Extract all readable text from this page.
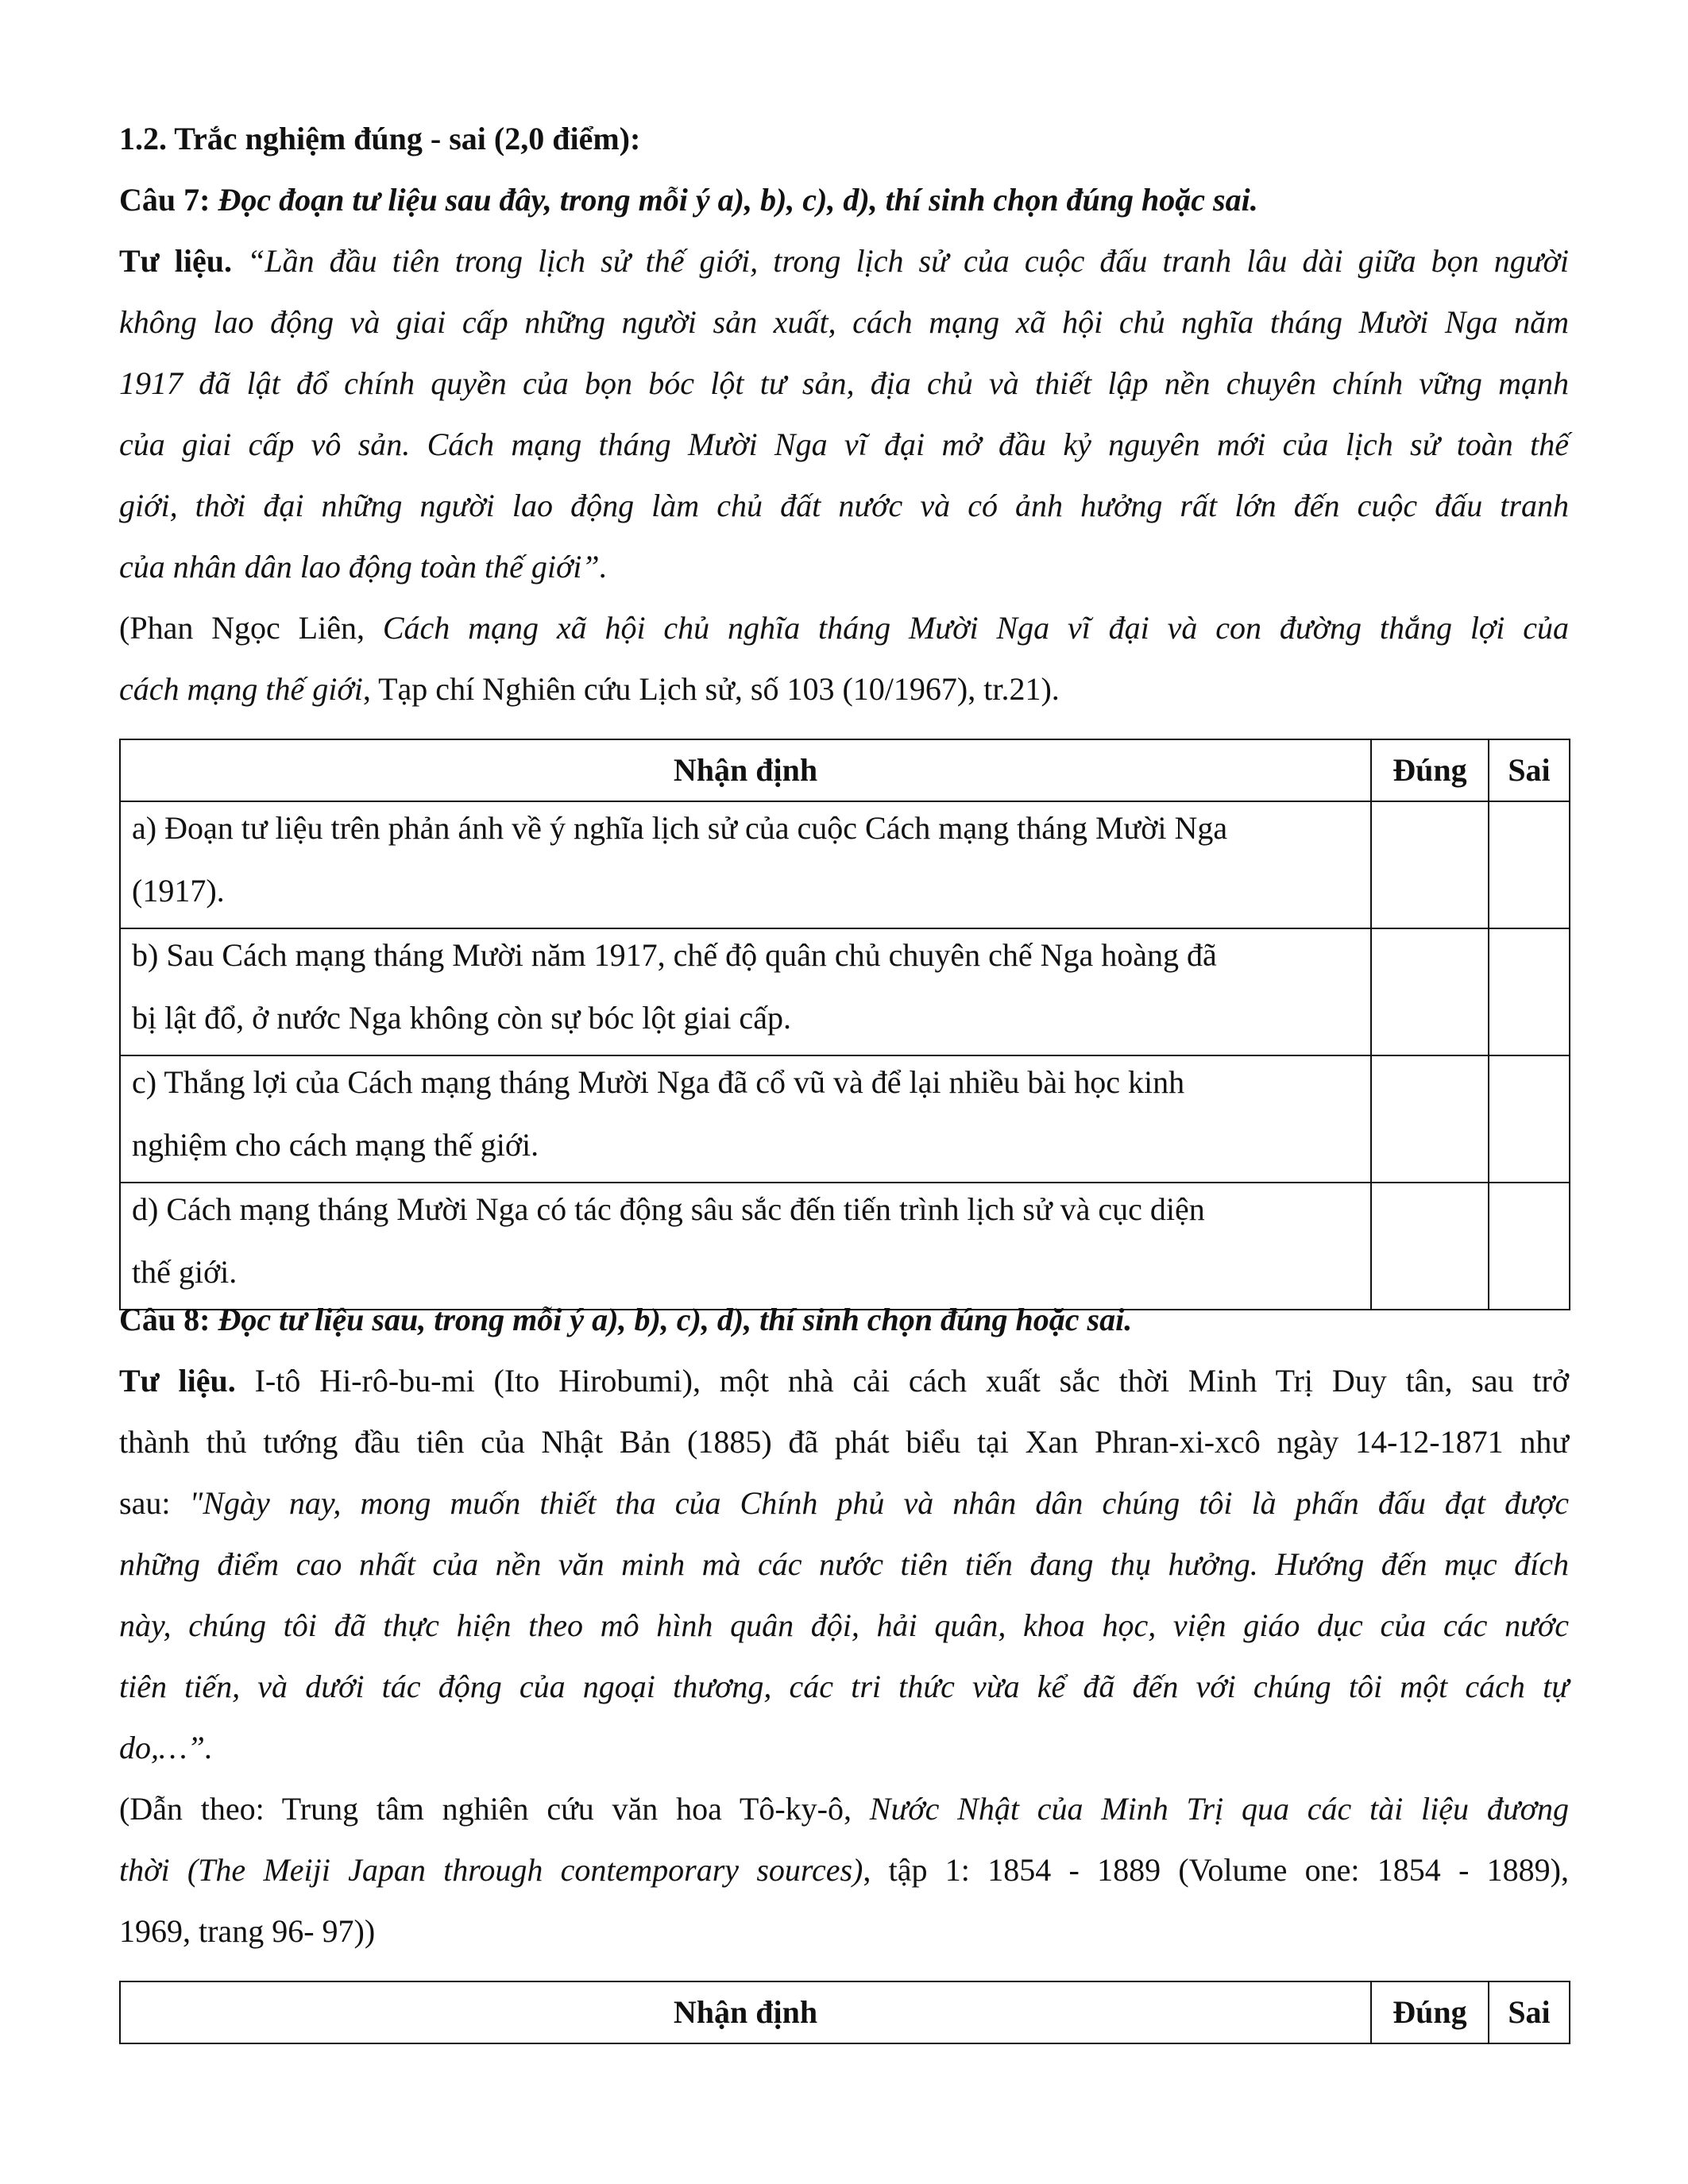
1.2. Trắc nghiệm đúng - sai (2,0 điểm):
Câu 7: Đọc đoạn tư liệu sau đây, trong mỗi ý a), b), c), d), thí sinh chọn đúng hoặc sai.
Tư liệu. “Lần đầu tiên trong lịch sử thế giới, trong lịch sử của cuộc đấu tranh lâu dài giữa bọn người
không lao động và giai cấp những người sản xuất, cách mạng xã hội chủ nghĩa tháng Mười Nga năm
1917 đã lật đổ chính quyền của bọn bóc lột tư sản, địa chủ và thiết lập nền chuyên chính vững mạnh
của giai cấp vô sản. Cách mạng tháng Mười Nga vĩ đại mở đầu kỷ nguyên mới của lịch sử toàn thế
giới, thời đại những người lao động làm chủ đất nước và có ảnh hưởng rất lớn đến cuộc đấu tranh
của nhân dân lao động toàn thế giới”.
(Phan Ngọc Liên, Cách mạng xã hội chủ nghĩa tháng Mười Nga vĩ đại và con đường thắng lợi của
cách mạng thế giới, Tạp chí Nghiên cứu Lịch sử, số 103 (10/1967), tr.21).
Nhận định	Đúng	Sai

a) Đoạn tư liệu trên phản ánh về ý nghĩa lịch sử của cuộc Cách mạng tháng Mười Nga
(1917).		

b) Sau Cách mạng tháng Mười năm 1917, chế độ quân chủ chuyên chế Nga hoàng đã
bị lật đổ, ở nước Nga không còn sự bóc lột giai cấp.		

c) Thắng lợi của Cách mạng tháng Mười Nga đã cổ vũ và để lại nhiều bài học kinh
nghiệm cho cách mạng thế giới.		

d) Cách mạng tháng Mười Nga có tác động sâu sắc đến tiến trình lịch sử và cục diện
thế giới.		

Câu 8: Đọc tư liệu sau, trong mỗi ý a), b), c), d), thí sinh chọn đúng hoặc sai.
Tư liệu. I-tô Hi-rô-bu-mi (Ito Hirobumi), một nhà cải cách xuất sắc thời Minh Trị Duy tân, sau trở
thành thủ tướng đầu tiên của Nhật Bản (1885) đã phát biểu tại Xan Phran-xi-xcô ngày 14-12-1871 như
sau: "Ngày nay, mong muốn thiết tha của Chính phủ và nhân dân chúng tôi là phấn đấu đạt được
những điểm cao nhất của nền văn minh mà các nước tiên tiến đang thụ hưởng. Hướng đến mục đích
này, chúng tôi đã thực hiện theo mô hình quân đội, hải quân, khoa học, viện giáo dục của các nước
tiên tiến, và dưới tác động của ngoại thương, các tri thức vừa kể đã đến với chúng tôi một cách tự
do,…”.
(Dẫn theo: Trung tâm nghiên cứu văn hoa Tô-ky-ô, Nước Nhật của Minh Trị qua các tài liệu đương
thời (The Meiji Japan through contemporary sources), tập 1: 1854 - 1889 (Volume one: 1854 - 1889),
1969, trang 96- 97))
Nhận định	Đúng	Sai
